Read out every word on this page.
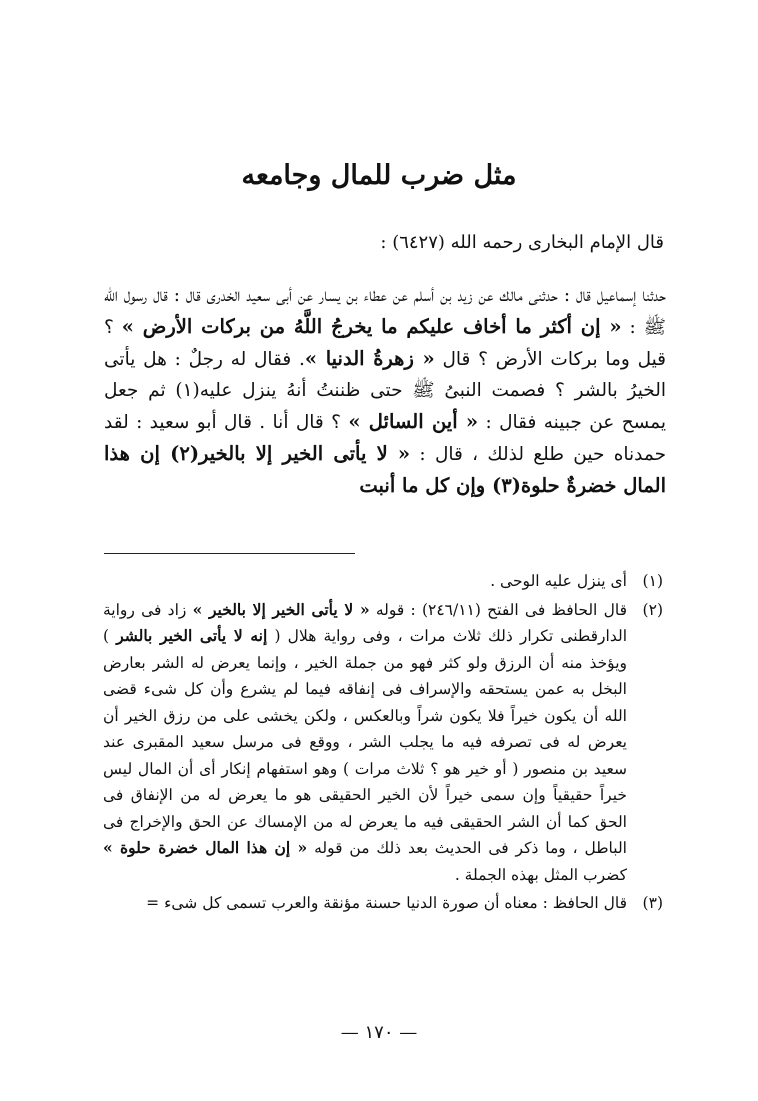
مثل ضرب للمال وجامعه

قال الإمام البخارى رحمه الله (٦٤٢٧) :

حدثنا إسماعيل قال : حدثنى مالك عن زيد بن أسلم عن عطاء بن يسار عن أبى سعيد الخدرى قال : قال رسول الله ﷺ : « إن أكثر ما أخاف عليكم ما يخرجُ اللَّهُ من بركات الأرض » ؟ قيل وما بركات الأرض ؟ قال « زهرةُ الدنيا ». فقال له رجلٌ : هل يأتى الخيرُ بالشر ؟ فصمت النبىُ ﷺ حتى ظننتُ أنهُ ينزل عليه(١) ثم جعل يمسح عن جبينه فقال : « أين السائل » ؟ قال أنا . قال أبو سعيد : لقد حمدناه حين طلع لذلك ، قال : « لا يأتى الخير إلا بالخير(٢) إن هذا المال خضرةٌ حلوة(٣) وإن كل ما أنبت

(١)
أى ينزل عليه الوحى .
(٢)
قال الحافظ فى الفتح (٢٤٦/١١) : قوله « لا يأتى الخير إلا بالخير » زاد فى رواية الدارقطنى تكرار ذلك ثلاث مرات ، وفى رواية هلال ( إنه لا يأتى الخير بالشر ) ويؤخذ منه أن الرزق ولو كثر فهو من جملة الخير ، وإنما يعرض له الشر بعارض البخل به عمن يستحقه والإسراف فى إنفاقه فيما لم يشرع وأن كل شىء قضى الله أن يكون خيراً فلا يكون شراً وبالعكس ، ولكن يخشى على من رزق الخير أن يعرض له فى تصرفه فيه ما يجلب الشر ، ووقع فى مرسل سعيد المقبرى عند سعيد بن منصور ( أو خير هو ؟ ثلاث مرات ) وهو استفهام إنكار أى أن المال ليس خيراً حقيقياً وإن سمى خيراً لأن الخير الحقيقى هو ما يعرض له من الإنفاق فى الحق كما أن الشر الحقيقى فيه ما يعرض له من الإمساك عن الحق والإخراج فى الباطل ، وما ذكر فى الحديث بعد ذلك من قوله « إن هذا المال خضرة حلوة » كضرب المثل بهذه الجملة .
(٣)
قال الحافظ : معناه أن صورة الدنيا حسنة مؤنقة والعرب تسمى كل شىء =

— ١٧٠ —
